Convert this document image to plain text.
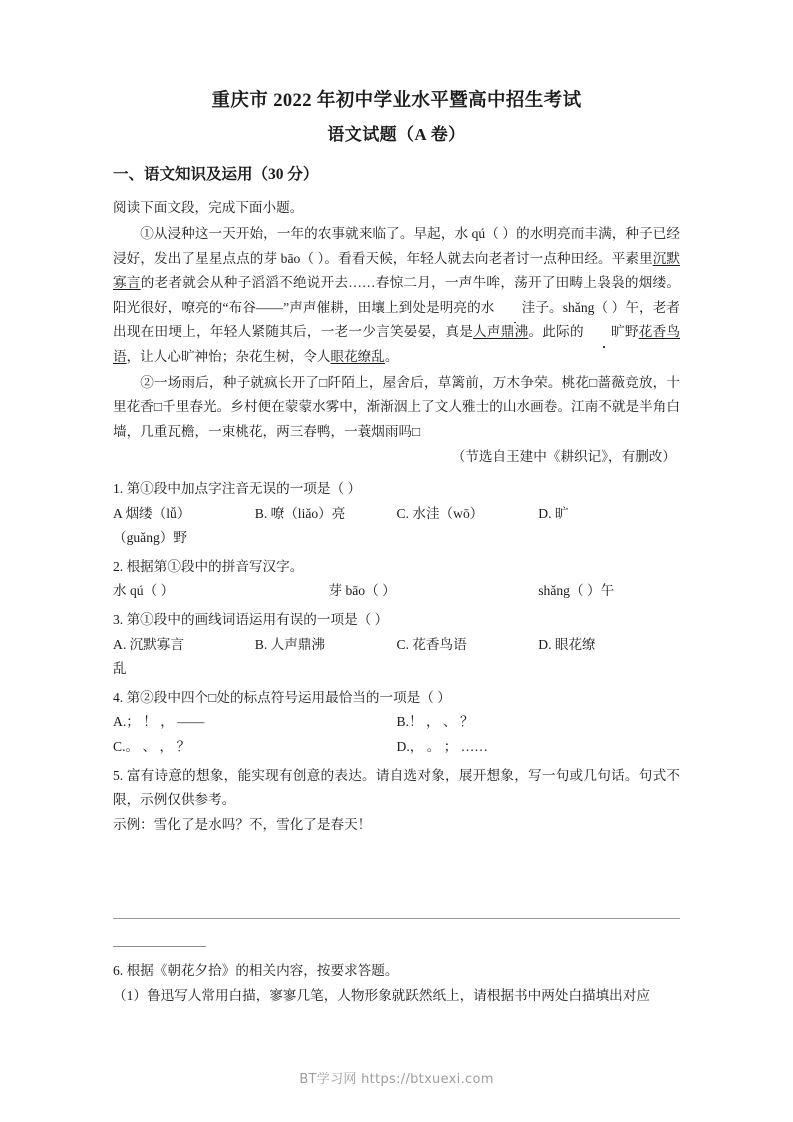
重庆市 2022 年初中学业水平暨高中招生考试
语文试题（A 卷）
一、语文知识及运用（30 分）
阅读下面文段，完成下面小题。

①从浸种这一天开始，一年的农事就来临了。早起，水 qú（ ）的水明亮而丰满，种子已经浸好，发出了星星点点的芽 bāo（ ）。看看天候，年轻人就去向老者讨一点种田经。平素里沉默寡言的老者就会从种子滔滔不绝说开去……春惊二月，一声牛哞，荡开了田畴上袅袅的烟缕。阳光很好，嘹亮的“布谷——”声声催耕，田壤上到处是明亮的水 洼子。shǎng（ ）午，老者出现在田埂上，年轻人紧随其后，一老一少言笑晏晏，真是人声鼎沸。此际的 旷野花香鸟语，让人心旷神怡；杂花生树，令人眼花缭乱。

②一场雨后，种子就疯长开了□阡陌上，屋舍后，草篱前，万木争荣。桃花□蔷薇竞放，十里花香□千里春光。乡村便在蒙蒙水雾中，渐渐洇上了文人雅士的山水画卷。江南不就是半角白墙，几重瓦檐，一束桃花，两三春鸭，一蓑烟雨吗□

（节选自王建中《耕织记》，有删改）
1. 第①段中加点字注音无误的一项是（ ）
A 烟缕（lǚ）	B. 嘹（liǎo）亮	C. 水洼（wō）	D. 旷
（guǎng）野
2. 根据第①段中的拼音写汉字。
水 qú（ ）	芽 bāo（ ）	shǎng（ ）午
3. 第①段中的画线词语运用有误的一项是（ ）
A. 沉默寡言	B. 人声鼎沸	C. 花香鸟语	D. 眼花缭
乱
4. 第②段中四个□处的标点符号运用最恰当的一项是（ ）
A.； ！ ， ——	B.！ ， 、 ？
C.。 、 ， ？	D.， 。 ； ……
5. 富有诗意的想象，能实现有创意的表达。请自选对象，展开想象，写一句或几句话。句式不限，示例仅供参考。
示例：雪化了是水吗？不，雪化了是春天！
6. 根据《朝花夕拾》的相关内容，按要求答题。
（1）鲁迅写人常用白描，寥寥几笔，人物形象就跃然纸上，请根据书中两处白描填出对应
BT学习网 https://btxuexi.com
